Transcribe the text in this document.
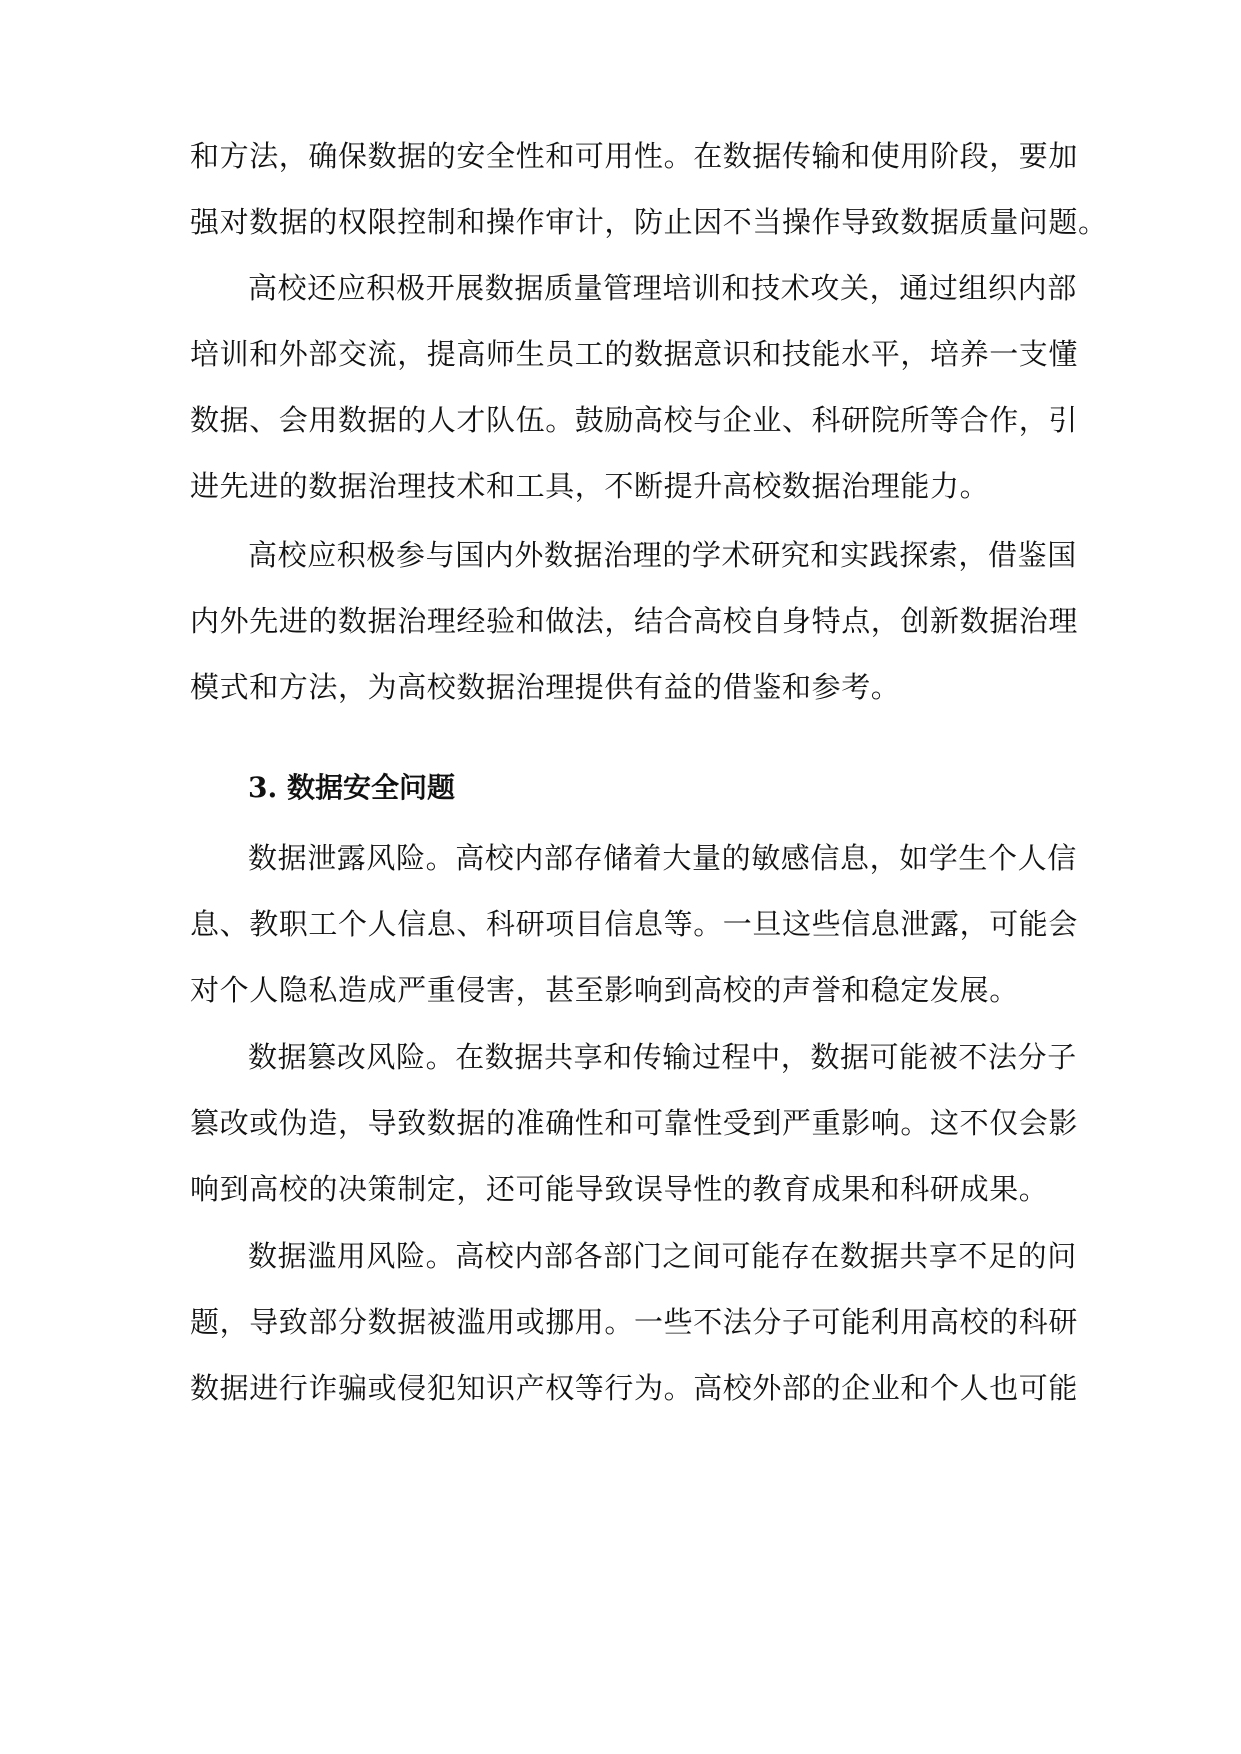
和方法，确保数据的安全性和可用性。在数据传输和使用阶段，要加
强对数据的权限控制和操作审计，防止因不当操作导致数据质量问题。
高校还应积极开展数据质量管理培训和技术攻关，通过组织内部
培训和外部交流，提高师生员工的数据意识和技能水平，培养一支懂
数据、会用数据的人才队伍。鼓励高校与企业、科研院所等合作，引
进先进的数据治理技术和工具，不断提升高校数据治理能力。
高校应积极参与国内外数据治理的学术研究和实践探索，借鉴国
内外先进的数据治理经验和做法，结合高校自身特点，创新数据治理
模式和方法，为高校数据治理提供有益的借鉴和参考。
3. 数据安全问题
数据泄露风险。高校内部存储着大量的敏感信息，如学生个人信
息、教职工个人信息、科研项目信息等。一旦这些信息泄露，可能会
对个人隐私造成严重侵害，甚至影响到高校的声誉和稳定发展。
数据篡改风险。在数据共享和传输过程中，数据可能被不法分子
篡改或伪造，导致数据的准确性和可靠性受到严重影响。这不仅会影
响到高校的决策制定，还可能导致误导性的教育成果和科研成果。
数据滥用风险。高校内部各部门之间可能存在数据共享不足的问
题，导致部分数据被滥用或挪用。一些不法分子可能利用高校的科研
数据进行诈骗或侵犯知识产权等行为。高校外部的企业和个人也可能
